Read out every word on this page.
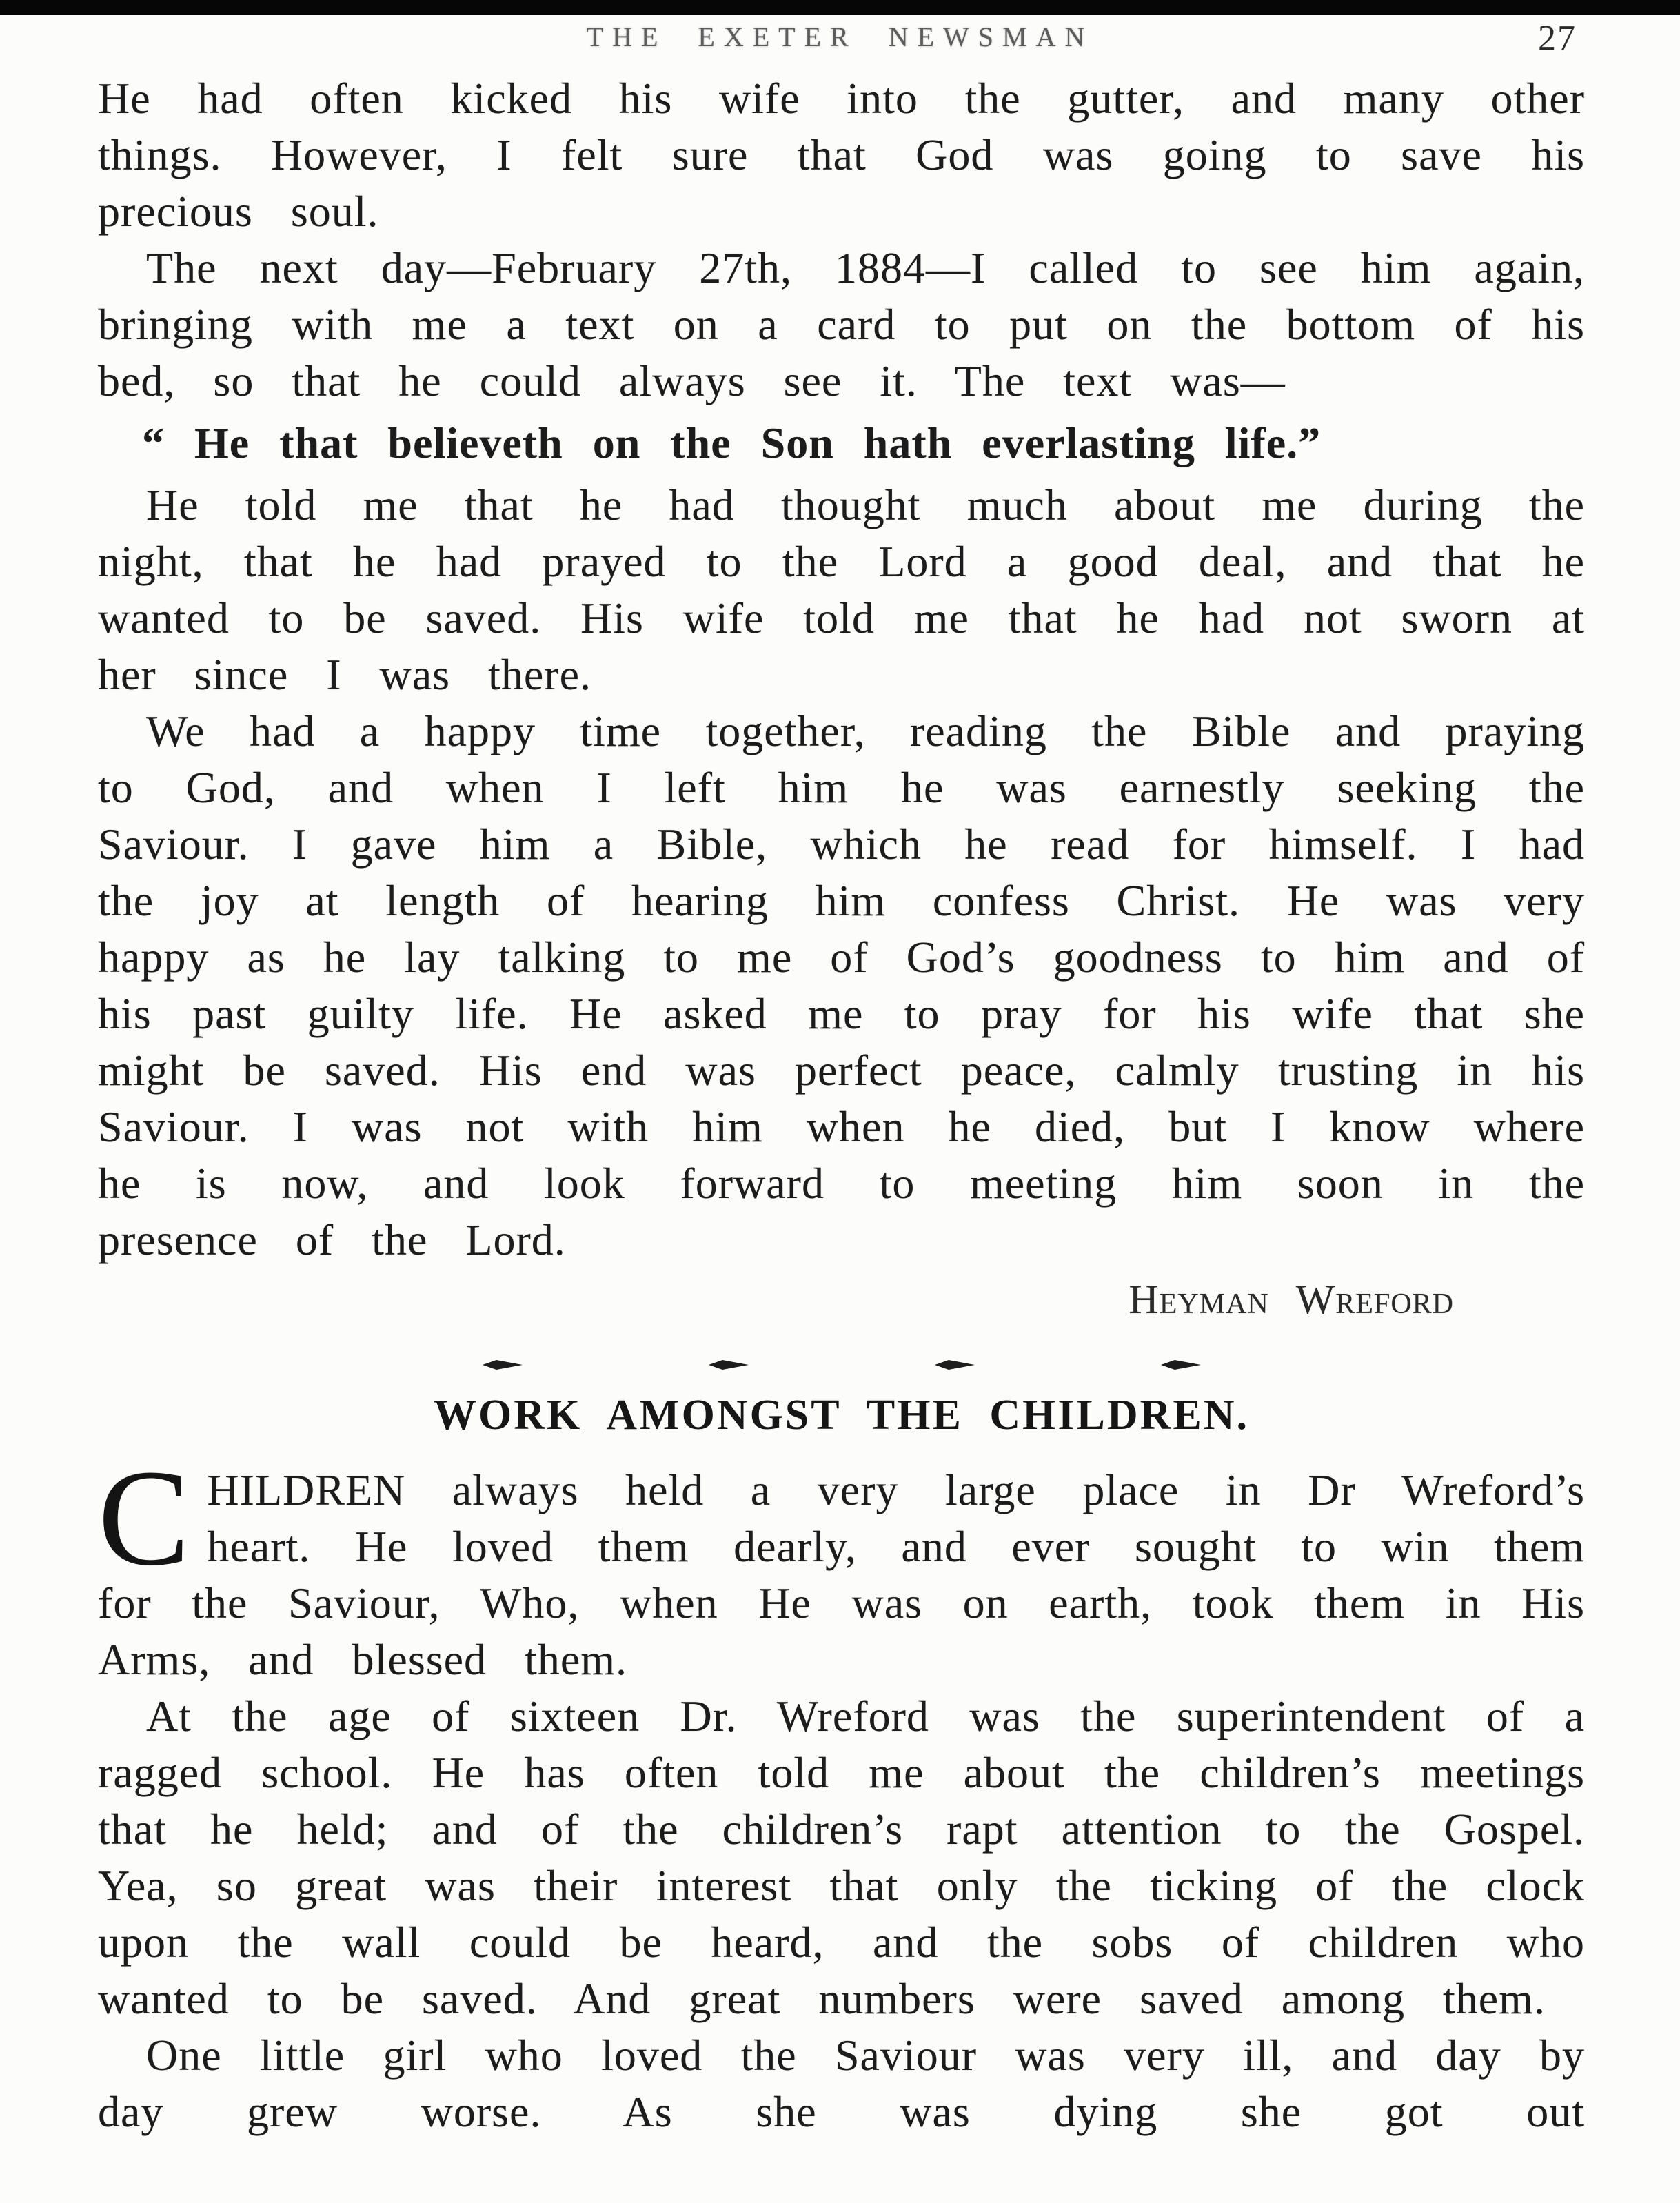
THE EXETER NEWSMAN	27

He had often kicked his wife into the gutter, and many other things. However, I felt sure that God was going to save his precious soul.

The next day—February 27th, 1884—I called to see him again, bringing with me a text on a card to put on the bottom of his bed, so that he could always see it. The text was—

“ He that believeth on the Son hath everlasting life.”

He told me that he had thought much about me during the night, that he had prayed to the Lord a good deal, and that he wanted to be saved. His wife told me that he had not sworn at her since I was there.

We had a happy time together, reading the Bible and praying to God, and when I left him he was earnestly seeking the Saviour. I gave him a Bible, which he read for himself. I had the joy at length of hearing him confess Christ. He was very happy as he lay talking to me of God’s goodness to him and of his past guilty life. He asked me to pray for his wife that she might be saved. His end was perfect peace, calmly trusting in his Saviour. I was not with him when he died, but I know where he is now, and look forward to meeting him soon in the presence of the Lord.

Heyman Wreford

WORK AMONGST THE CHILDREN.

CHILDREN always held a very large place in Dr Wreford’s heart. He loved them dearly, and ever sought to win them for the Saviour, Who, when He was on earth, took them in His Arms, and blessed them.

At the age of sixteen Dr. Wreford was the superintendent of a ragged school. He has often told me about the children’s meetings that he held; and of the children’s rapt attention to the Gospel. Yea, so great was their interest that only the ticking of the clock upon the wall could be heard, and the sobs of children who wanted to be saved. And great numbers were saved among them.

One little girl who loved the Saviour was very ill, and day by day grew worse. As she was dying she got out
